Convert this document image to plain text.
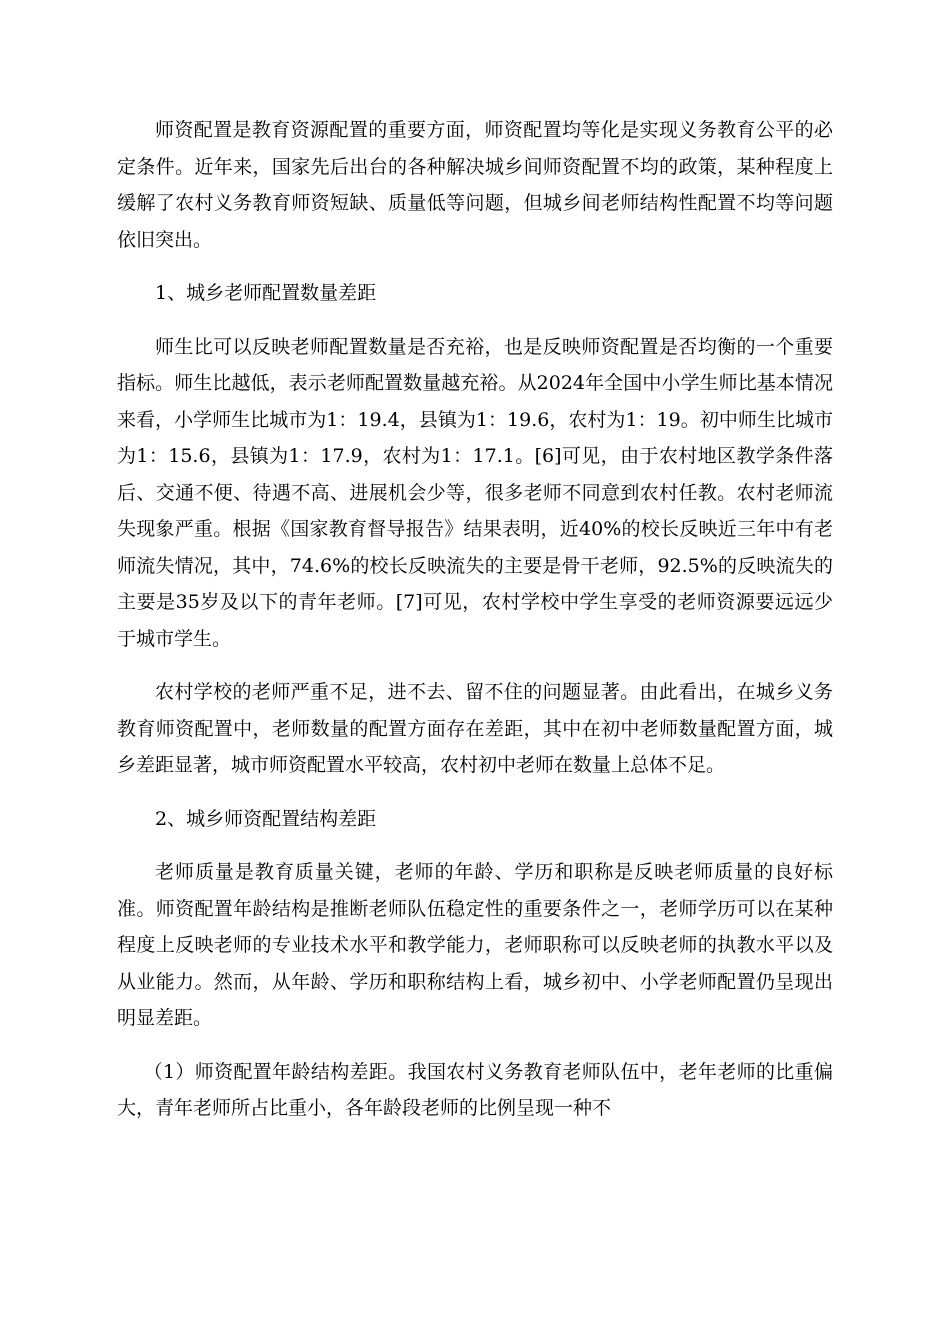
师资配置是教育资源配置的重要方面，师资配置均等化是实现义务教育公平的必定条件。近年来，国家先后出台的各种解决城乡间师资配置不均的政策，某种程度上缓解了农村义务教育师资短缺、质量低等问题，但城乡间老师结构性配置不均等问题依旧突出。

1、城乡老师配置数量差距

师生比可以反映老师配置数量是否充裕，也是反映师资配置是否均衡的一个重要指标。师生比越低，表示老师配置数量越充裕。从2024年全国中小学生师比基本情况来看，小学师生比城市为1：19.4，县镇为1：19.6，农村为1：19。初中师生比城市为1：15.6，县镇为1：17.9，农村为1：17.1。[6]可见，由于农村地区教学条件落后、交通不便、待遇不高、进展机会少等，很多老师不同意到农村任教。农村老师流失现象严重。根据《国家教育督导报告》结果表明，近40%的校长反映近三年中有老师流失情况，其中，74.6%的校长反映流失的主要是骨干老师，92.5%的反映流失的主要是35岁及以下的青年老师。[7]可见，农村学校中学生享受的老师资源要远远少于城市学生。

农村学校的老师严重不足，进不去、留不住的问题显著。由此看出，在城乡义务教育师资配置中，老师数量的配置方面存在差距，其中在初中老师数量配置方面，城乡差距显著，城市师资配置水平较高，农村初中老师在数量上总体不足。

2、城乡师资配置结构差距

老师质量是教育质量关键，老师的年龄、学历和职称是反映老师质量的良好标准。师资配置年龄结构是推断老师队伍稳定性的重要条件之一，老师学历可以在某种程度上反映老师的专业技术水平和教学能力，老师职称可以反映老师的执教水平以及从业能力。然而，从年龄、学历和职称结构上看，城乡初中、小学老师配置仍呈现出明显差距。

（1）师资配置年龄结构差距。我国农村义务教育老师队伍中，老年老师的比重偏大，青年老师所占比重小，各年龄段老师的比例呈现一种不
